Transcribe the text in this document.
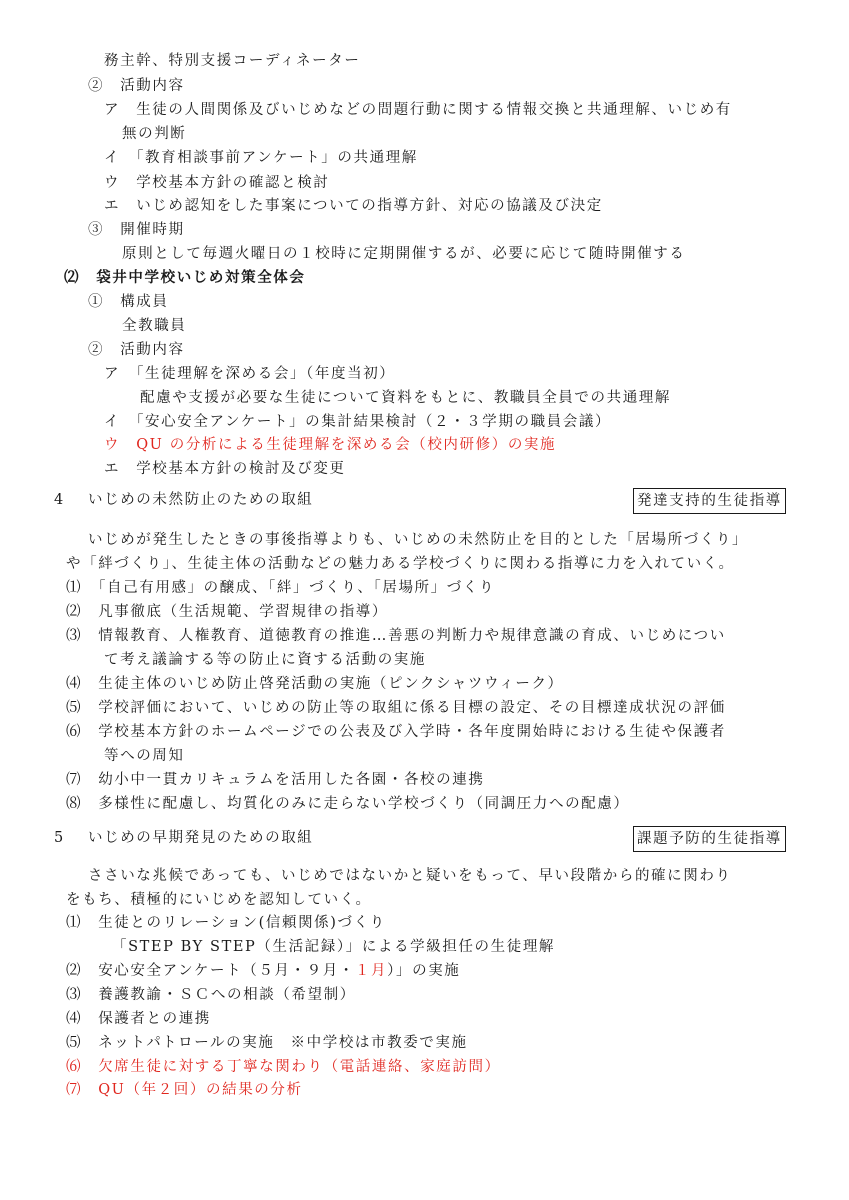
務主幹、特別支援コーディネーター
②　活動内容
ア　生徒の人間関係及びいじめなどの問題行動に関する情報交換と共通理解、いじめ有
無の判断
イ　「教育相談事前アンケート」の共通理解
ウ　学校基本方針の確認と検討
エ　いじめ認知をした事案についての指導方針、対応の協議及び決定
③　開催時期
原則として毎週火曜日の１校時に定期開催するが、必要に応じて随時開催する
⑵　袋井中学校いじめ対策全体会
①　構成員
全教職員
②　活動内容
ア　「生徒理解を深める会」（年度当初）
配慮や支援が必要な生徒について資料をもとに、教職員全員での共通理解
イ　「安心安全アンケート」の集計結果検討（２・３学期の職員会議）
ウ　QU の分析による生徒理解を深める会（校内研修）の実施
エ　学校基本方針の検討及び変更
4 いじめの未然防止のための取組	発達支持的生徒指導
いじめが発生したときの事後指導よりも、いじめの未然防止を目的とした「居場所づくり」
や「絆づくり」、生徒主体の活動などの魅力ある学校づくりに関わる指導に力を入れていく。
⑴　「自己有用感」の醸成、「絆」づくり、「居場所」づくり
⑵　凡事徹底（生活規範、学習規律の指導）
⑶　情報教育、人権教育、道徳教育の推進…善悪の判断力や規律意識の育成、いじめについ
て考え議論する等の防止に資する活動の実施
⑷　生徒主体のいじめ防止啓発活動の実施（ピンクシャツウィーク）
⑸　学校評価において、いじめの防止等の取組に係る目標の設定、その目標達成状況の評価
⑹　学校基本方針のホームページでの公表及び入学時・各年度開始時における生徒や保護者
等への周知
⑺　幼小中一貫カリキュラムを活用した各園・各校の連携
⑻　多様性に配慮し、均質化のみに走らない学校づくり（同調圧力への配慮）
5 いじめの早期発見のための取組	課題予防的生徒指導
ささいな兆候であっても、いじめではないかと疑いをもって、早い段階から的確に関わり
をもち、積極的にいじめを認知していく。
⑴　生徒とのリレーション(信頼関係)づくり
「STEP BY STEP（生活記録）」による学級担任の生徒理解
⑵　安心安全アンケート（５月・９月・１月）」の実施
⑶　養護教諭・ＳＣへの相談（希望制）
⑷　保護者との連携
⑸　ネットパトロールの実施　※中学校は市教委で実施
⑹　欠席生徒に対する丁寧な関わり（電話連絡、家庭訪問）
⑺　QU（年２回）の結果の分析
